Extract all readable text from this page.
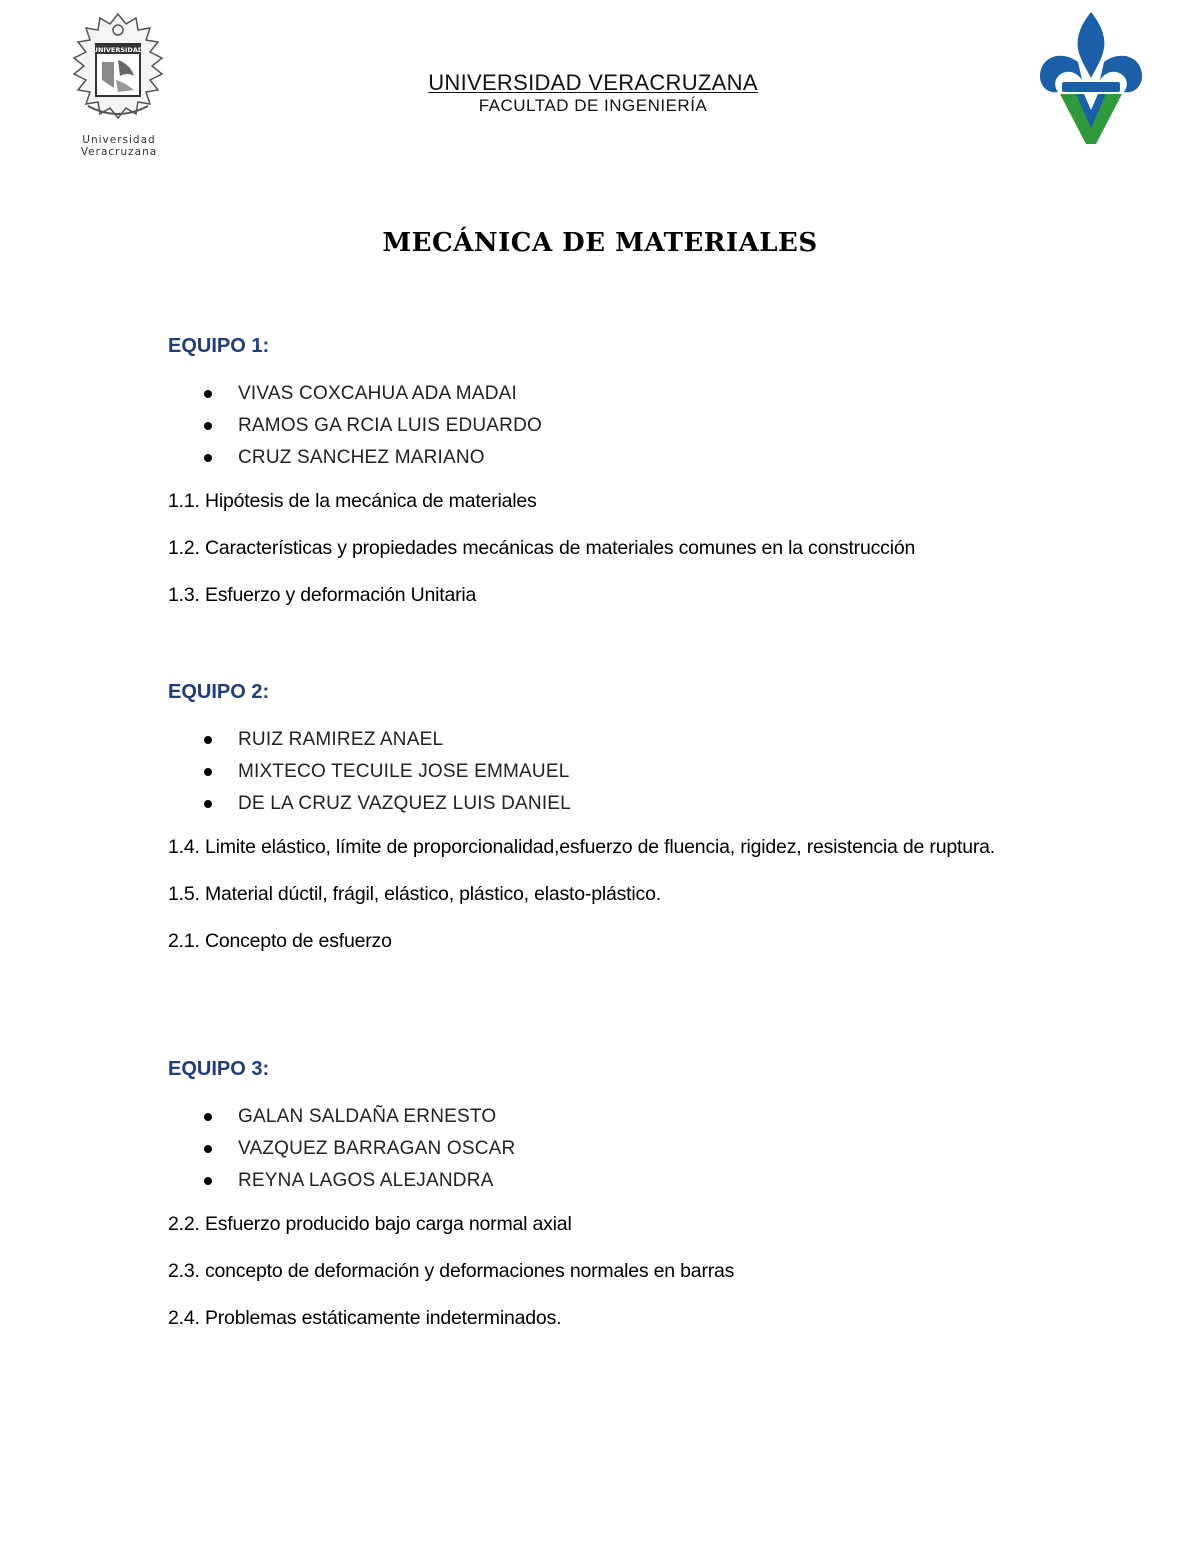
UNIVERSIDAD
Universidad Veracruzana
UNIVERSIDAD VERACRUZANA
FACULTAD DE INGENIERÍA
MECÁNICA DE MATERIALES
EQUIPO 1:
VIVAS COXCAHUA ADA MADAI
RAMOS GA RCIA LUIS EDUARDO
CRUZ SANCHEZ MARIANO

1.1. Hipótesis de la mecánica de materiales

1.2. Características y propiedades mecánicas de materiales comunes en la construcción

1.3. Esfuerzo y deformación Unitaria

EQUIPO 2:
RUIZ RAMIREZ ANAEL
MIXTECO TECUILE JOSE EMMAUEL
DE LA CRUZ VAZQUEZ LUIS DANIEL

1.4. Limite elástico, límite de proporcionalidad,esfuerzo de fluencia, rigidez, resistencia de ruptura.

1.5. Material dúctil, frágil, elástico, plástico, elasto-plástico.

2.1. Concepto de esfuerzo

EQUIPO 3:
GALAN SALDAÑA ERNESTO
VAZQUEZ BARRAGAN OSCAR
REYNA LAGOS ALEJANDRA

2.2. Esfuerzo producido bajo carga normal axial

2.3. concepto de deformación y deformaciones normales en barras

2.4. Problemas estáticamente indeterminados.
